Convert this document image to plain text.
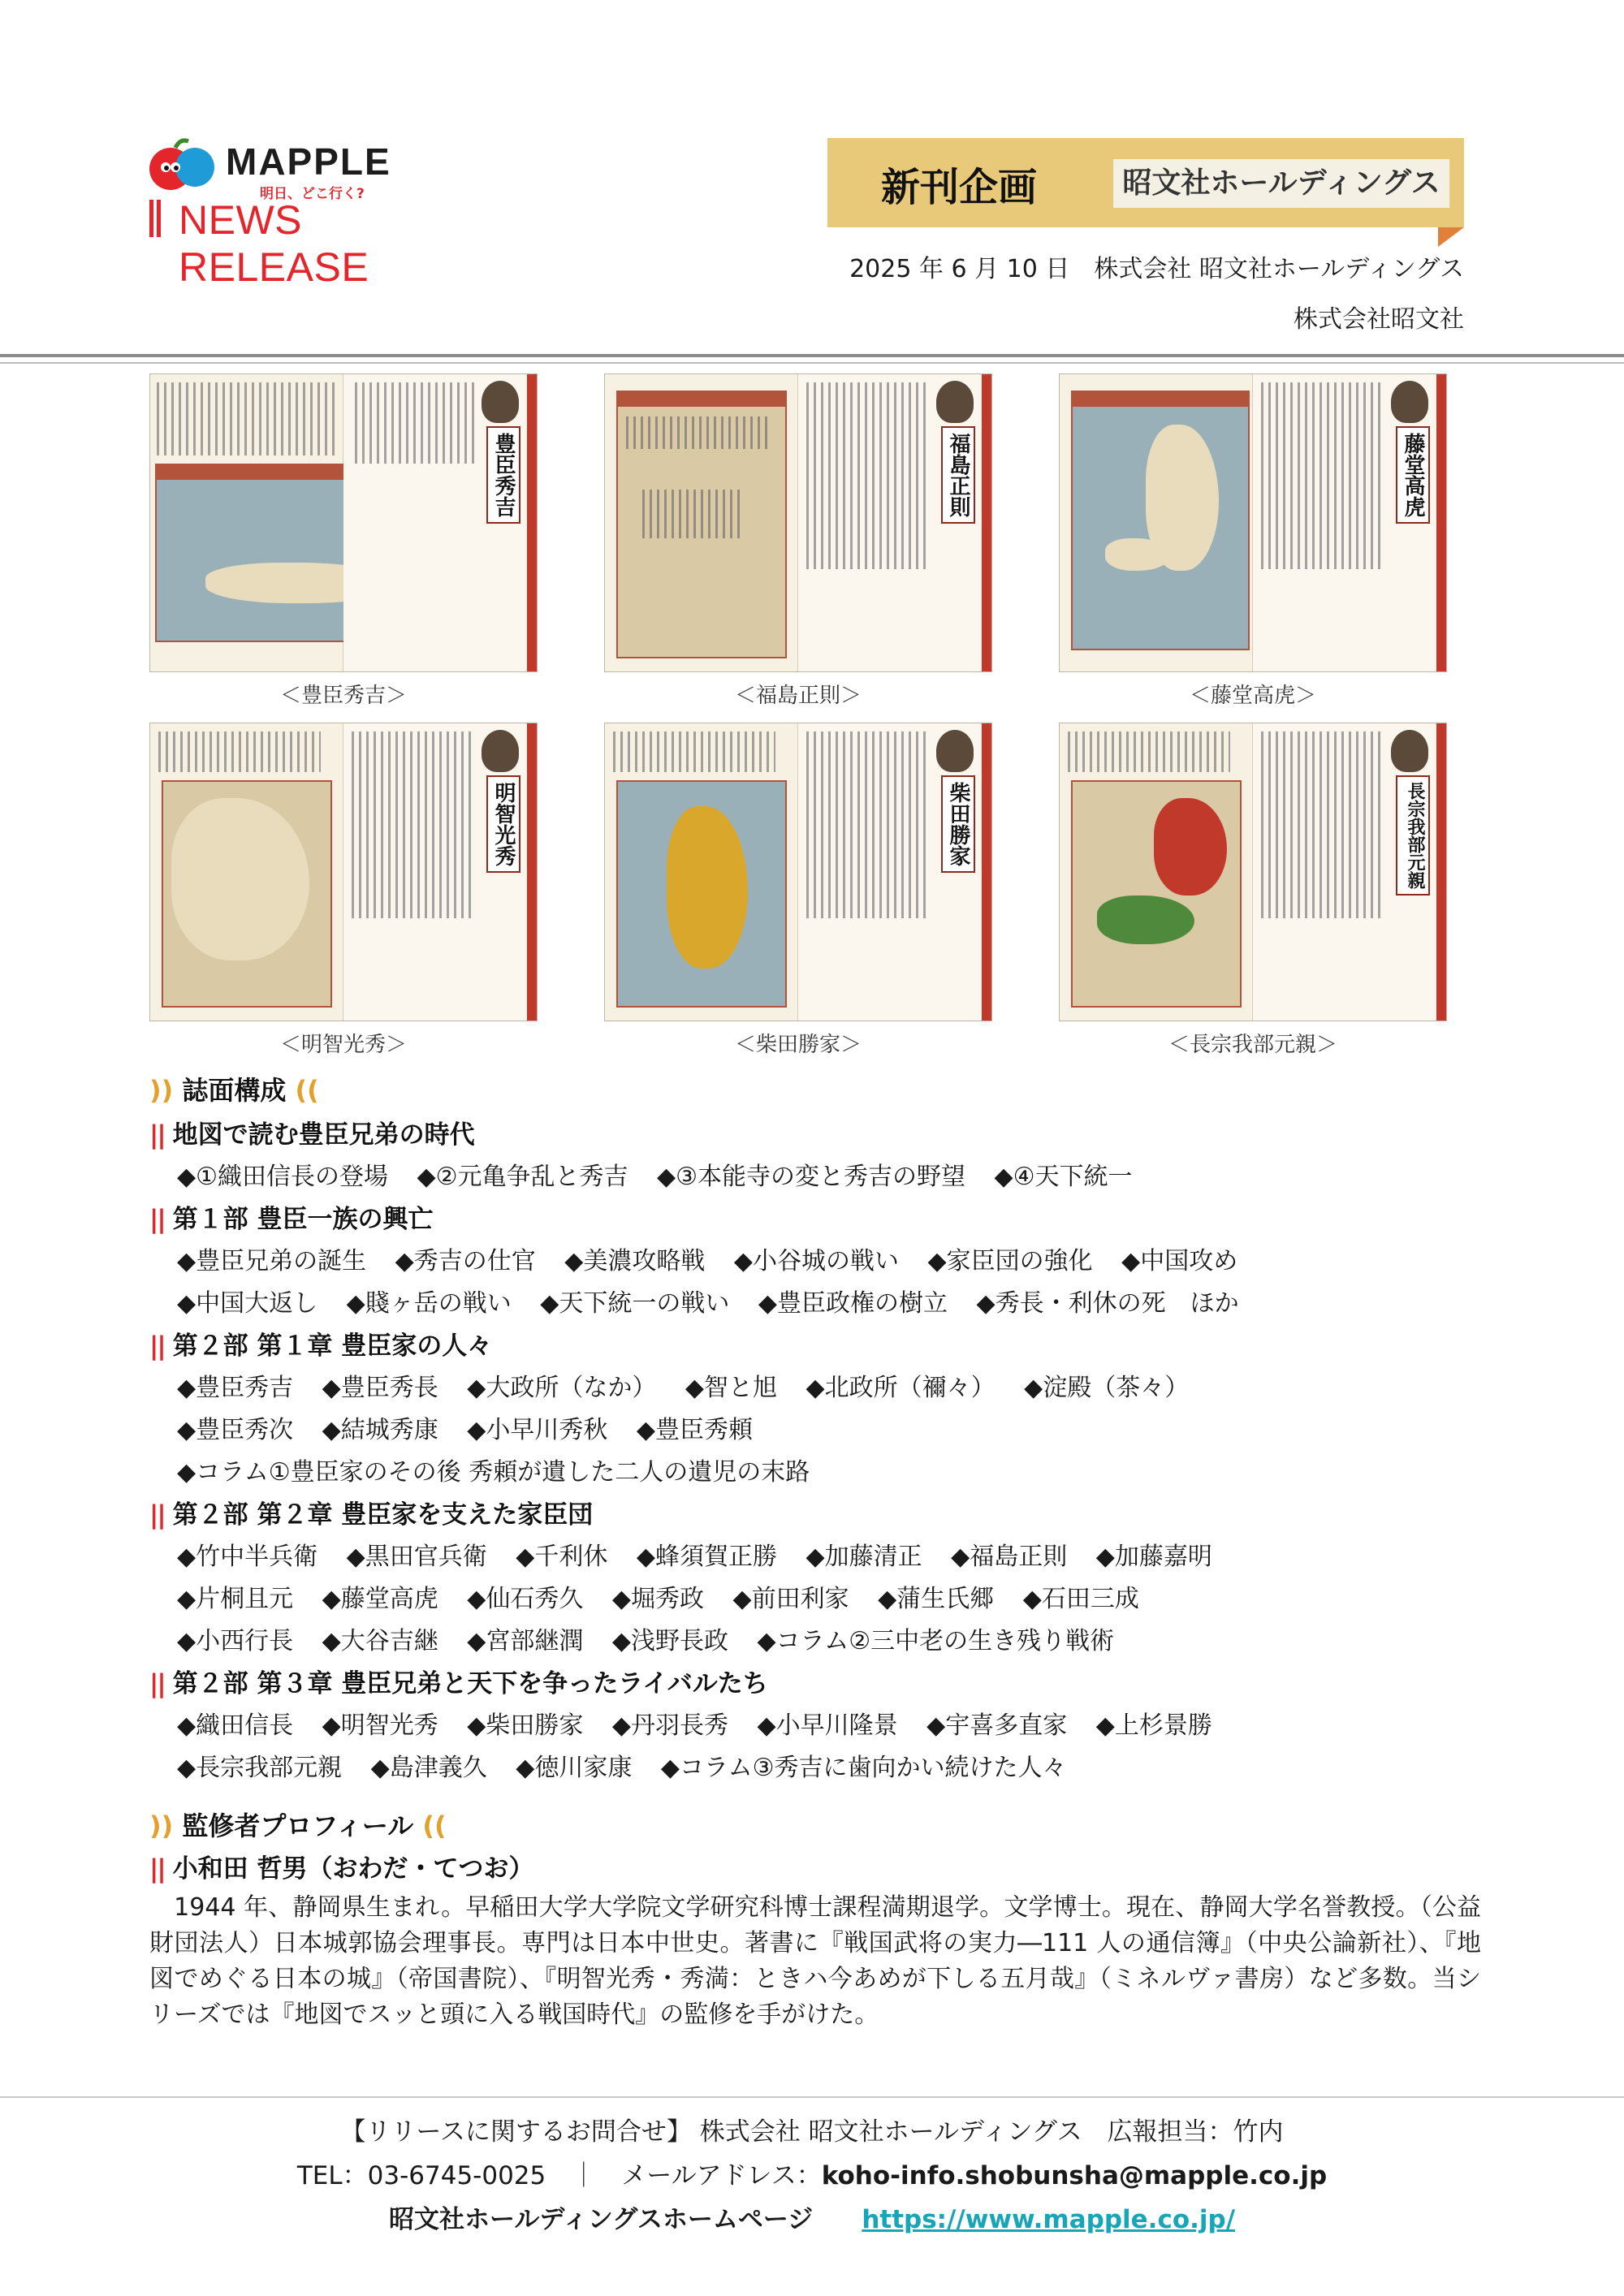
MAPPLE
明日、どこ行く?
NEWS RELEASE
新刊企画	昭文社ホールディングス
2025 年 6 月 10 日　株式会社 昭文社ホールディングス
株式会社昭文社
豊臣秀吉
＜豊臣秀吉＞
福島正則
＜福島正則＞
藤堂高虎
＜藤堂高虎＞
明智光秀
＜明智光秀＞
柴田勝家
＜柴田勝家＞
長宗我部元親
＜長宗我部元親＞
)) 誌面構成 ((
|| 地図で読む豊臣兄弟の時代
◆①織田信長の登場 ◆②元亀争乱と秀吉 ◆③本能寺の変と秀吉の野望 ◆④天下統一
|| 第１部 豊臣一族の興亡
◆豊臣兄弟の誕生 ◆秀吉の仕官 ◆美濃攻略戦 ◆小谷城の戦い ◆家臣団の強化 ◆中国攻め
◆中国大返し ◆賤ヶ岳の戦い ◆天下統一の戦い ◆豊臣政権の樹立 ◆秀長・利休の死　ほか
|| 第２部 第１章 豊臣家の人々
◆豊臣秀吉 ◆豊臣秀長 ◆大政所（なか） ◆智と旭 ◆北政所（禰々） ◆淀殿（茶々）
◆豊臣秀次 ◆結城秀康 ◆小早川秀秋 ◆豊臣秀頼
◆コラム①豊臣家のその後 秀頼が遺した二人の遺児の末路
|| 第２部 第２章 豊臣家を支えた家臣団
◆竹中半兵衛 ◆黒田官兵衛 ◆千利休 ◆蜂須賀正勝 ◆加藤清正 ◆福島正則 ◆加藤嘉明
◆片桐且元 ◆藤堂高虎 ◆仙石秀久 ◆堀秀政 ◆前田利家 ◆蒲生氏郷 ◆石田三成
◆小西行長 ◆大谷吉継 ◆宮部継潤 ◆浅野長政 ◆コラム②三中老の生き残り戦術
|| 第２部 第３章 豊臣兄弟と天下を争ったライバルたち
◆織田信長 ◆明智光秀 ◆柴田勝家 ◆丹羽長秀 ◆小早川隆景 ◆宇喜多直家 ◆上杉景勝
◆長宗我部元親 ◆島津義久 ◆徳川家康 ◆コラム③秀吉に歯向かい続けた人々
)) 監修者プロフィール ((
|| 小和田 哲男（おわだ・てつお）
　1944 年、静岡県生まれ。早稲田大学大学院文学研究科博士課程満期退学。文学博士。現在、静岡大学名誉教授。（公益財団法人）日本城郭協会理事長。専門は日本中世史。著書に『戦国武将の実力―111 人の通信簿』（中央公論新社）、『地図でめぐる日本の城』（帝国書院）、『明智光秀・秀満：ときハ今あめが下しる五月哉』（ミネルヴァ書房）など多数。当シリーズでは『地図でスッと頭に入る戦国時代』の監修を手がけた。
【リリースに関するお問合せ】 株式会社 昭文社ホールディングス　広報担当：竹内
TEL：03-6745-0025　｜　メールアドレス：koho-info.shobunsha@mapple.co.jp
昭文社ホールディングスホームページ https://www.mapple.co.jp/
